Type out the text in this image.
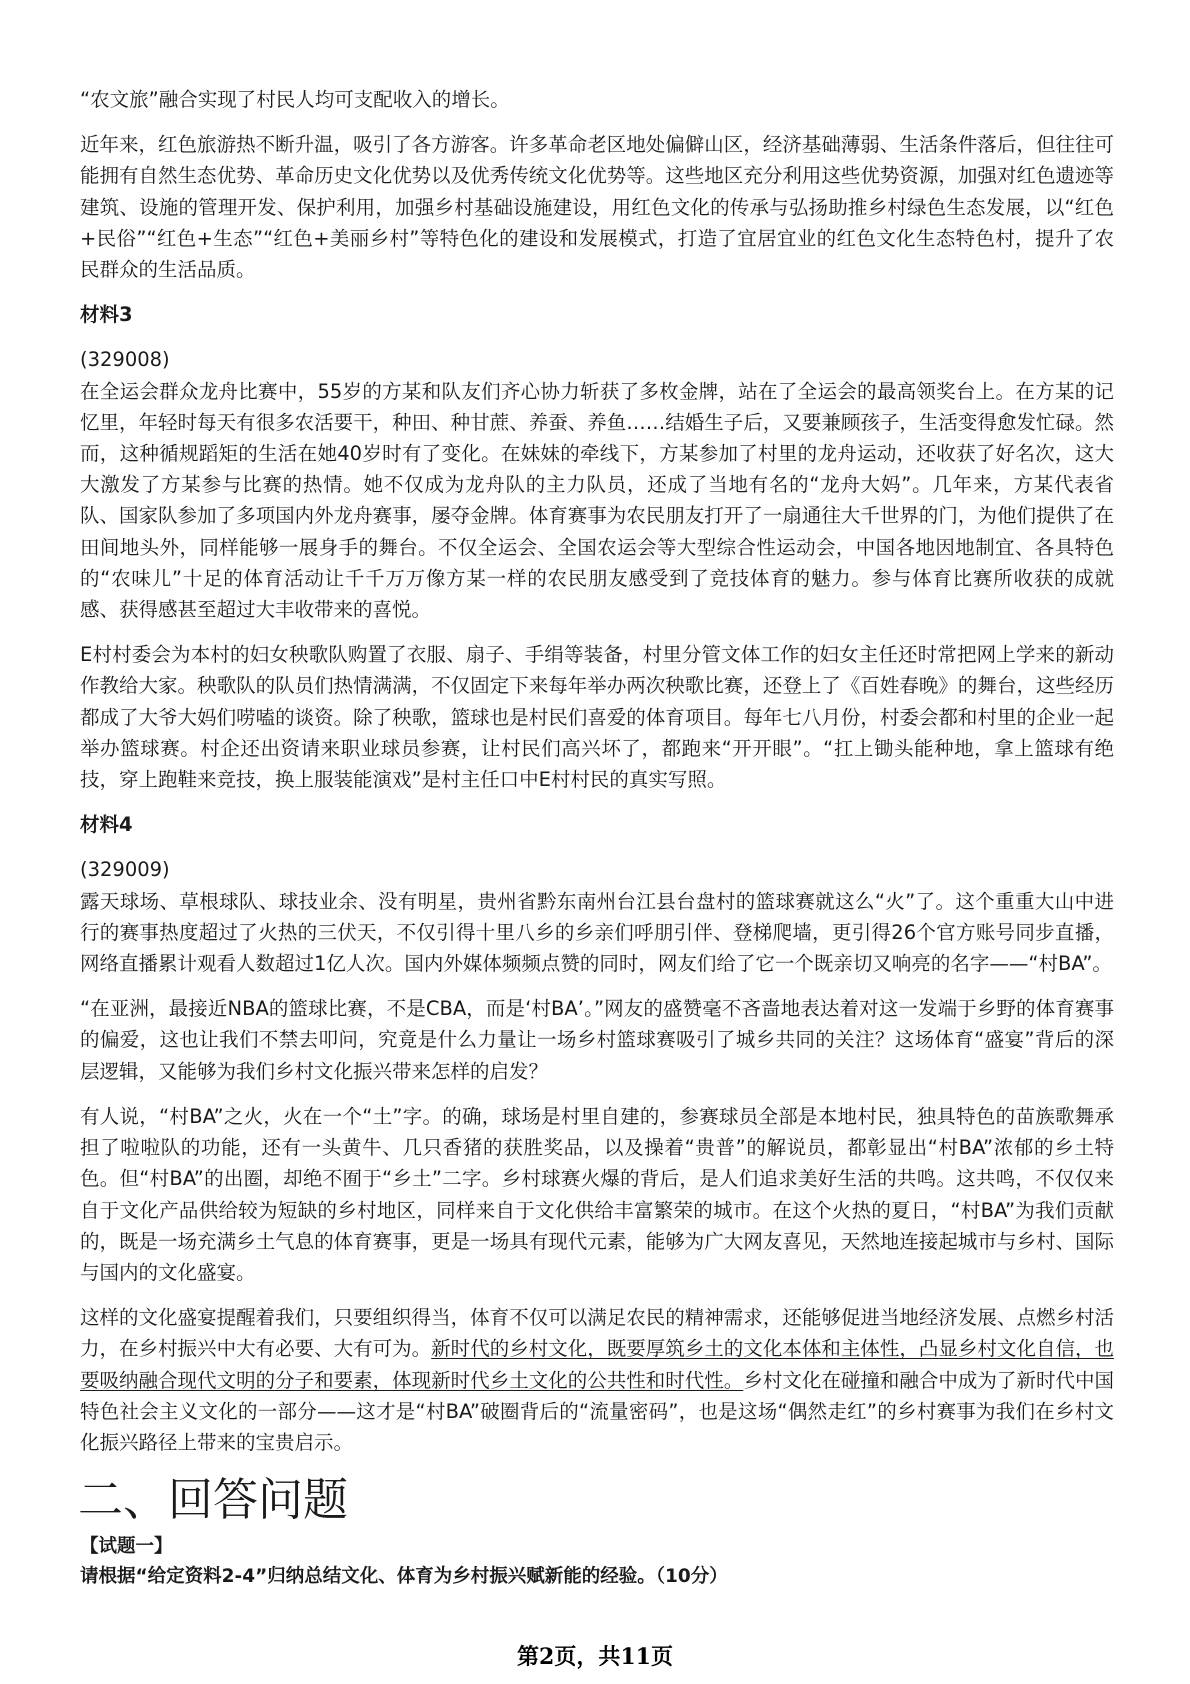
“农文旅”融合实现了村民人均可支配收入的增长。

近年来，红色旅游热不断升温，吸引了各方游客。许多革命老区地处偏僻山区，经济基础薄弱、生活条件落后，但往往可能拥有自然生态优势、革命历史文化优势以及优秀传统文化优势等。这些地区充分利用这些优势资源，加强对红色遗迹等建筑、设施的管理开发、保护利用，加强乡村基础设施建设，用红色文化的传承与弘扬助推乡村绿色生态发展，以“红色+民俗”“红色+生态”“红色+美丽乡村”等特色化的建设和发展模式，打造了宜居宜业的红色文化生态特色村，提升了农民群众的生活品质。

材料3

(329008)

在全运会群众龙舟比赛中，55岁的方某和队友们齐心协力斩获了多枚金牌，站在了全运会的最高领奖台上。在方某的记忆里，年轻时每天有很多农活要干，种田、种甘蔗、养蚕、养鱼……结婚生子后，又要兼顾孩子，生活变得愈发忙碌。然而，这种循规蹈矩的生活在她40岁时有了变化。在妹妹的牵线下，方某参加了村里的龙舟运动，还收获了好名次，这大大激发了方某参与比赛的热情。她不仅成为龙舟队的主力队员，还成了当地有名的“龙舟大妈”。几年来，方某代表省队、国家队参加了多项国内外龙舟赛事，屡夺金牌。体育赛事为农民朋友打开了一扇通往大千世界的门，为他们提供了在田间地头外，同样能够一展身手的舞台。不仅全运会、全国农运会等大型综合性运动会，中国各地因地制宜、各具特色的“农味儿”十足的体育活动让千千万万像方某一样的农民朋友感受到了竞技体育的魅力。参与体育比赛所收获的成就感、获得感甚至超过大丰收带来的喜悦。

E村村委会为本村的妇女秧歌队购置了衣服、扇子、手绢等装备，村里分管文体工作的妇女主任还时常把网上学来的新动作教给大家。秧歌队的队员们热情满满，不仅固定下来每年举办两次秧歌比赛，还登上了《百姓春晚》的舞台，这些经历都成了大爷大妈们唠嗑的谈资。除了秧歌，篮球也是村民们喜爱的体育项目。每年七八月份，村委会都和村里的企业一起举办篮球赛。村企还出资请来职业球员参赛，让村民们高兴坏了，都跑来“开开眼”。“扛上锄头能种地，拿上篮球有绝技，穿上跑鞋来竞技，换上服装能演戏”是村主任口中E村村民的真实写照。

材料4

(329009)

露天球场、草根球队、球技业余、没有明星，贵州省黔东南州台江县台盘村的篮球赛就这么“火”了。这个重重大山中进行的赛事热度超过了火热的三伏天，不仅引得十里八乡的乡亲们呼朋引伴、登梯爬墙，更引得26个官方账号同步直播，网络直播累计观看人数超过1亿人次。国内外媒体频频点赞的同时，网友们给了它一个既亲切又响亮的名字——“村BA”。

“在亚洲，最接近NBA的篮球比赛，不是CBA，而是‘村BA’。”网友的盛赞毫不吝啬地表达着对这一发端于乡野的体育赛事的偏爱，这也让我们不禁去叩问，究竟是什么力量让一场乡村篮球赛吸引了城乡共同的关注？这场体育“盛宴”背后的深层逻辑，又能够为我们乡村文化振兴带来怎样的启发？

有人说，“村BA”之火，火在一个“土”字。的确，球场是村里自建的，参赛球员全部是本地村民，独具特色的苗族歌舞承担了啦啦队的功能，还有一头黄牛、几只香猪的获胜奖品，以及操着“贵普”的解说员，都彰显出“村BA”浓郁的乡土特色。但“村BA”的出圈，却绝不囿于“乡土”二字。乡村球赛火爆的背后，是人们追求美好生活的共鸣。这共鸣，不仅仅来自于文化产品供给较为短缺的乡村地区，同样来自于文化供给丰富繁荣的城市。在这个火热的夏日，“村BA”为我们贡献的，既是一场充满乡土气息的体育赛事，更是一场具有现代元素，能够为广大网友喜见，天然地连接起城市与乡村、国际与国内的文化盛宴。

这样的文化盛宴提醒着我们，只要组织得当，体育不仅可以满足农民的精神需求，还能够促进当地经济发展、点燃乡村活力，在乡村振兴中大有必要、大有可为。新时代的乡村文化，既要厚筑乡土的文化本体和主体性，凸显乡村文化自信，也要吸纳融合现代文明的分子和要素，体现新时代乡土文化的公共性和时代性。乡村文化在碰撞和融合中成为了新时代中国特色社会主义文化的一部分——这才是“村BA”破圈背后的“流量密码”，也是这场“偶然走红”的乡村赛事为我们在乡村文化振兴路径上带来的宝贵启示。

二、回答问题

【试题一】

请根据“给定资料2-4”归纳总结文化、体育为乡村振兴赋新能的经验。（10分）

第2页，共11页
